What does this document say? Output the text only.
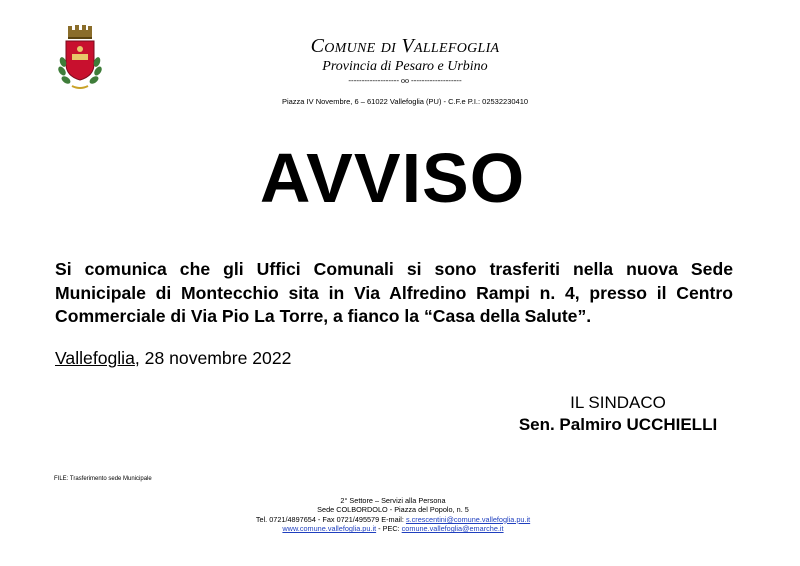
Comune di Vallefoglia
Provincia di Pesaro e Urbino
------------------- oo -------------------
Piazza IV Novembre, 6 – 61022 Vallefoglia (PU) - C.F.e P.I.: 02532230410
AVVISO
Si comunica che gli Uffici Comunali si sono trasferiti nella nuova Sede Municipale di Montecchio sita in Via Alfredino Rampi n. 4, presso il Centro Commerciale di Via Pio La Torre, a fianco la “Casa della Salute”.
Vallefoglia, 28 novembre 2022
IL SINDACO
Sen. Palmiro UCCHIELLI
FILE: Trasferimento sede Municipale
2° Settore – Servizi alla Persona
Sede COLBORDOLO - Piazza del Popolo, n. 5
Tel. 0721/4897654 - Fax 0721/495579 E-mail: s.crescentini@comune.vallefoglia.pu.it
www.comune.vallefoglia.pu.it - PEC: comune.vallefoglia@emarche.it
